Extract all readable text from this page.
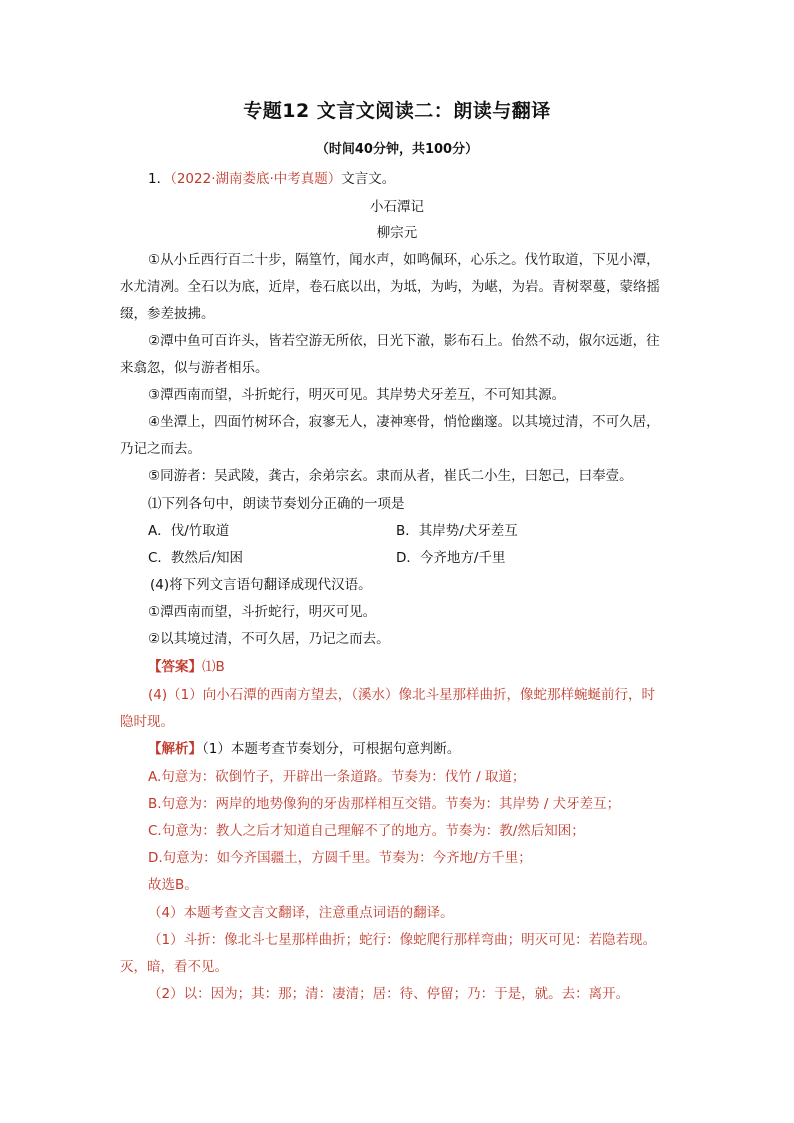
专题12 文言文阅读二：朗读与翻译
（时间40分钟，共100分）
1．（2022·湖南娄底·中考真题）文言文。
小石潭记
柳宗元
①从小丘西行百二十步，隔篁竹，闻水声，如鸣佩环，心乐之。伐竹取道，下见小潭，
水尤清冽。全石以为底，近岸，卷石底以出，为坻，为屿，为嵁，为岩。青树翠蔓，蒙络摇
缀，参差披拂。
②潭中鱼可百许头，皆若空游无所依，日光下澈，影布石上。佁然不动，俶尔远逝，往
来翕忽，似与游者相乐。
③潭西南而望，斗折蛇行，明灭可见。其岸势犬牙差互，不可知其源。
④坐潭上，四面竹树环合，寂寥无人，凄神寒骨，悄怆幽邃。以其境过清，不可久居，
乃记之而去。
⑤同游者：吴武陵，龚古，余弟宗玄。隶而从者，崔氏二小生，曰恕己，曰奉壹。
⑴下列各句中，朗读节奏划分正确的一项是
A．伐/竹取道	B．其岸势/犬牙差互
C．教然后/知困	D．今齐地方/千里
(4)将下列文言语句翻译成现代汉语。
①潭西南而望，斗折蛇行，明灭可见。
②以其境过清，不可久居，乃记之而去。
【答案】⑴B
(4)（1）向小石潭的西南方望去，（溪水）像北斗星那样曲折，像蛇那样蜿蜒前行，时
隐时现。
【解析】（1）本题考查节奏划分，可根据句意判断。
A.句意为：砍倒竹子，开辟出一条道路。节奏为：伐竹 / 取道；
B.句意为：两岸的地势像狗的牙齿那样相互交错。节奏为：其岸势 / 犬牙差互；
C.句意为：教人之后才知道自己理解不了的地方。节奏为：教/然后知困；
D.句意为：如今齐国疆土，方圆千里。节奏为：今齐地/方千里；
故选B。
（4）本题考查文言文翻译，注意重点词语的翻译。
（1）斗折：像北斗七星那样曲折；蛇行：像蛇爬行那样弯曲；明灭可见：若隐若现。
灭，暗，看不见。
（2）以：因为；其：那；清：凄清；居：待、停留；乃：于是，就。去：离开。
